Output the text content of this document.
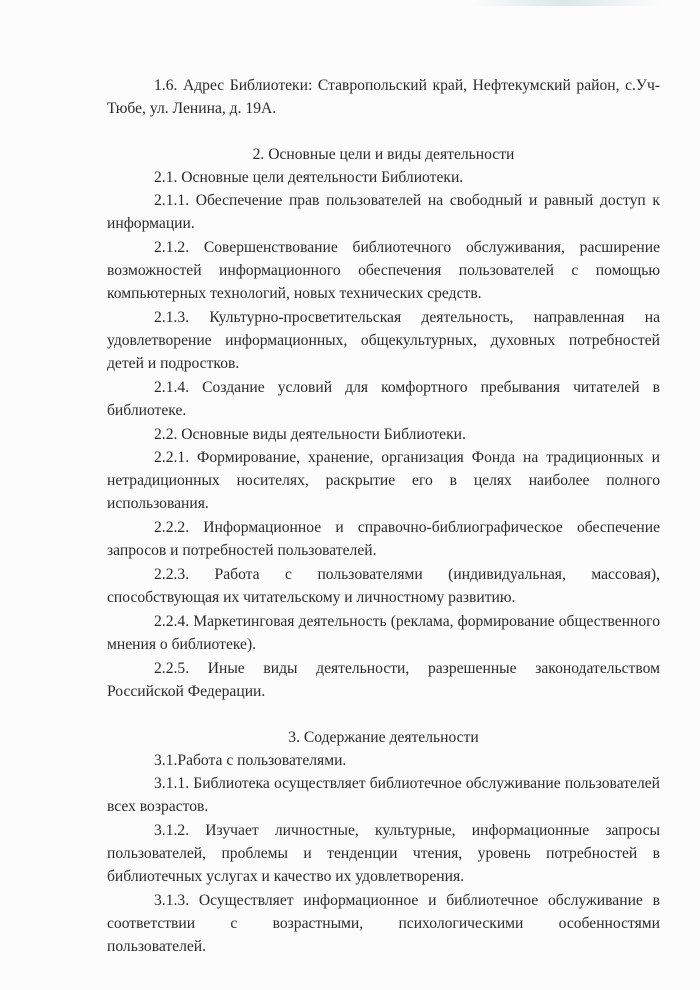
1.6. Адрес Библиотеки: Ставропольский край, Нефтекумский район, с.Уч-Тюбе, ул. Ленина, д. 19А.

2. Основные цели и виды деятельности

2.1. Основные цели деятельности Библиотеки.

2.1.1. Обеспечение прав пользователей на свободный и равный доступ к информации.

2.1.2. Совершенствование библиотечного обслуживания, расширение возможностей информационного обеспечения пользователей с помощью компьютерных технологий, новых технических средств.

2.1.3. Культурно-просветительская деятельность, направленная на удовлетворение информационных, общекультурных, духовных потребностей детей и подростков.

2.1.4. Создание условий для комфортного пребывания читателей в библиотеке.

2.2. Основные виды деятельности Библиотеки.

2.2.1. Формирование, хранение, организация Фонда на традиционных и нетрадиционных носителях, раскрытие его в целях наиболее полного использования.

2.2.2. Информационное и справочно-библиографическое обеспечение запросов и потребностей пользователей.

2.2.3. Работа с пользователями (индивидуальная, массовая), способствующая их читательскому и личностному развитию.

2.2.4. Маркетинговая деятельность (реклама, формирование общественного мнения о библиотеке).

2.2.5. Иные виды деятельности, разрешенные законодательством Российской Федерации.

3. Содержание деятельности

3.1.Работа с пользователями.

3.1.1. Библиотека осуществляет библиотечное обслуживание пользователей всех возрастов.

3.1.2. Изучает личностные, культурные, информационные запросы пользователей, проблемы и тенденции чтения, уровень потребностей в библиотечных услугах и качество их удовлетворения.

3.1.3. Осуществляет информационное и библиотечное обслуживание в

соответствии с возрастными, психологическими особенностями

пользователей.
